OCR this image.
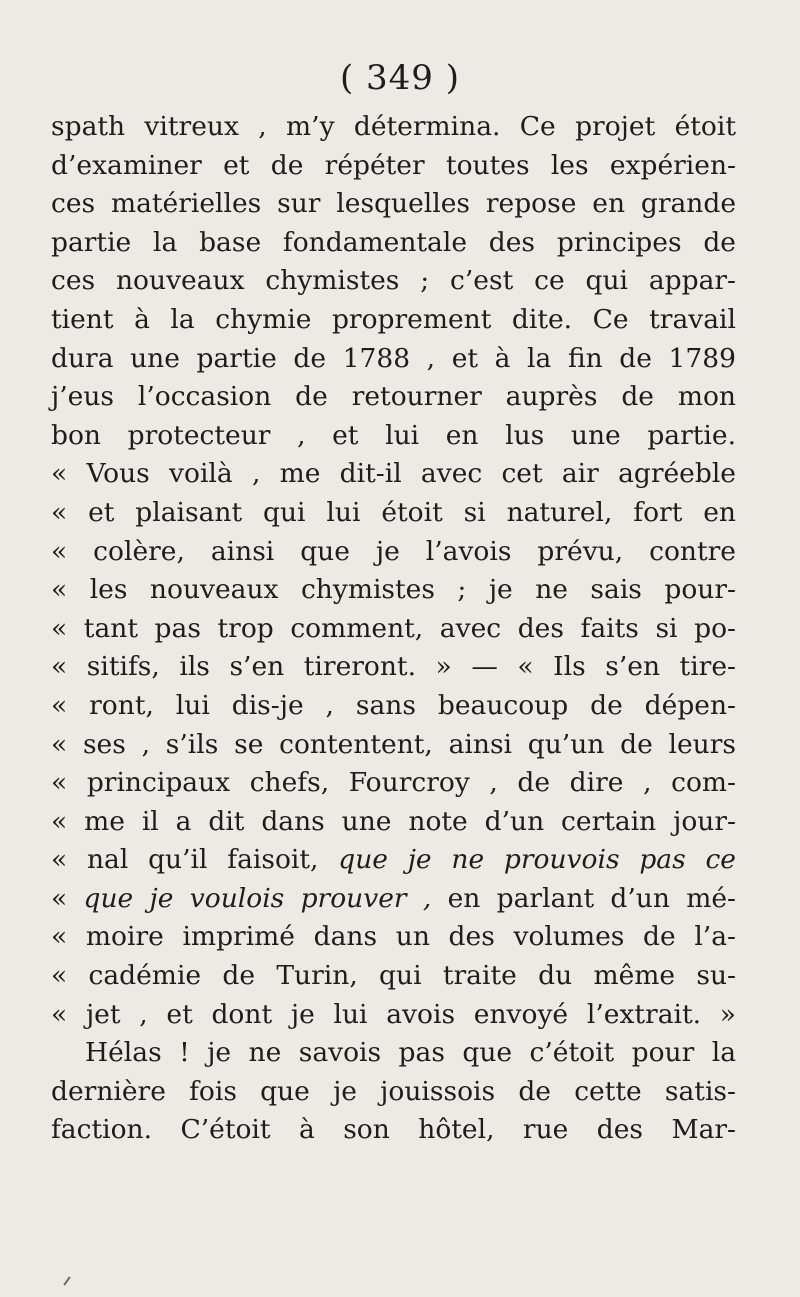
( 349 )
spath vitreux , m’y détermina. Ce projet étoit
d’examiner et de répéter toutes les expérien-
ces matérielles sur lesquelles repose en grande
partie la base fondamentale des principes de
ces nouveaux chymistes ; c’est ce qui appar-
tient à la chymie proprement dite. Ce travail
dura une partie de 1788 , et à la fin de 1789
j’eus l’occasion de retourner auprès de mon
bon protecteur , et lui en lus une partie.
« Vous voilà , me dit-il avec cet air agréeble
« et plaisant qui lui étoit si naturel, fort en
« colère, ainsi que je l’avois prévu, contre
« les nouveaux chymistes ; je ne sais pour-
« tant pas trop comment, avec des faits si po-
« sitifs, ils s’en tireront. » — « Ils s’en tire-
« ront, lui dis-je , sans beaucoup de dépen-
« ses , s’ils se contentent, ainsi qu’un de leurs
« principaux chefs, Fourcroy , de dire , com-
« me il a dit dans une note d’un certain jour-
« nal qu’il faisoit, que je ne prouvois pas ce
« que je voulois prouver , en parlant d’un mé-
« moire imprimé dans un des volumes de l’a-
« cadémie de Turin, qui traite du même su-
« jet , et dont je lui avois envoyé l’extrait. »
Hélas ! je ne savois pas que c’étoit pour la
dernière fois que je jouissois de cette satis-
faction. C’étoit à son hôtel, rue des Mar-
